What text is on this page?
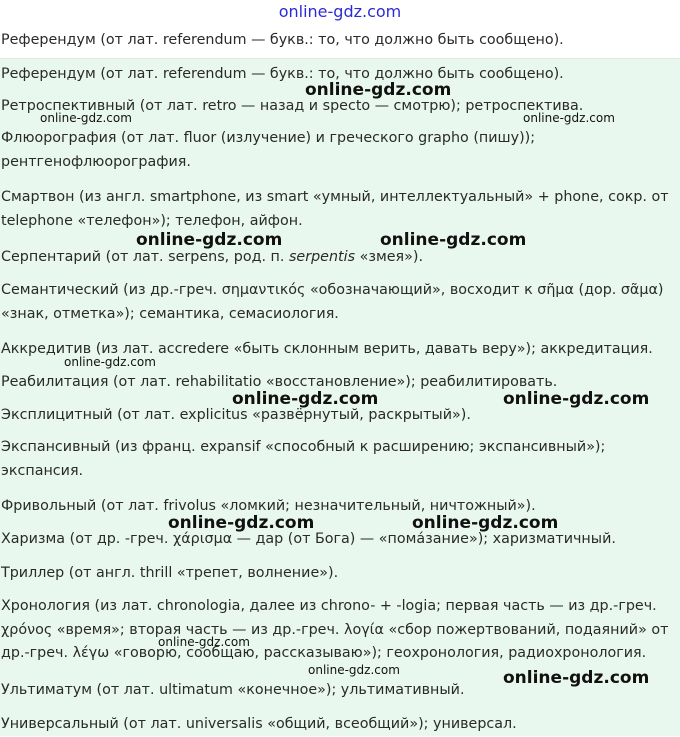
online-gdz.com
Референдум (от лат. referendum — букв.: то, что должно быть сообщено).
Референдум (от лат. referendum — букв.: то, что должно быть сообщено).
Ретроспективный (от лат. retro — назад и specto — смотрю); ретроспектива.
Флюорография (от лат. fluor (излучение) и греческого grapho (пишу)); рентгенофлюорография.
Смартвон (из англ. smartphone, из smart «умный, интеллектуальный» + phone, сокр. от telephone «телефон»); телефон, айфон.
Серпентарий (от лат. serpens, род. п. serpentis «змея»).
Семантический (из др.-греч. σημαντικός «обозначающий», восходит к σῆμα (дор. σᾶμα) «знак, отметка»); семантика, семасиология.
Аккредитив (из лат. accredere «быть склонным верить, давать веру»); аккредитация.
Реабилитация (от лат. rehabilitatio «восстановление»); реабилитировать.
Эксплицитный (от лат. explicitus «развёрнутый, раскрытый»).
Экспансивный (из франц. expansif «способный к расширению; экспансивный»); экспансия.
Фривольный (от лат. frivolus «ломкий; незначительный, ничтожный»).
Харизма (от др. -греч. χάρισμα — дар (от Бога) — «пома́зание»); харизматичный.
Триллер (от англ. thrill «трепет, волнение»).
Хронология (из лат. chronologia, далее из chrono- + -logia; первая часть — из др.-греч. χρόνος «время»; вторая часть — из др.-греч. λογία «сбор пожертвований, подаяний» от др.-греч. λέγω «говорю, сообщаю, рассказываю»); геохронология, радиохронология.
Ультиматум (от лат. ultimatum «конечное»); ультимативный.
Универсальный (от лат. universalis «общий, всеобщий»); универсал.
online-gdz.com
online-gdz.com	online-gdz.com
online-gdz.com	online-gdz.com
online-gdz.com
online-gdz.com	online-gdz.com
online-gdz.com	online-gdz.com
online-gdz.com
online-gdz.com	online-gdz.com
